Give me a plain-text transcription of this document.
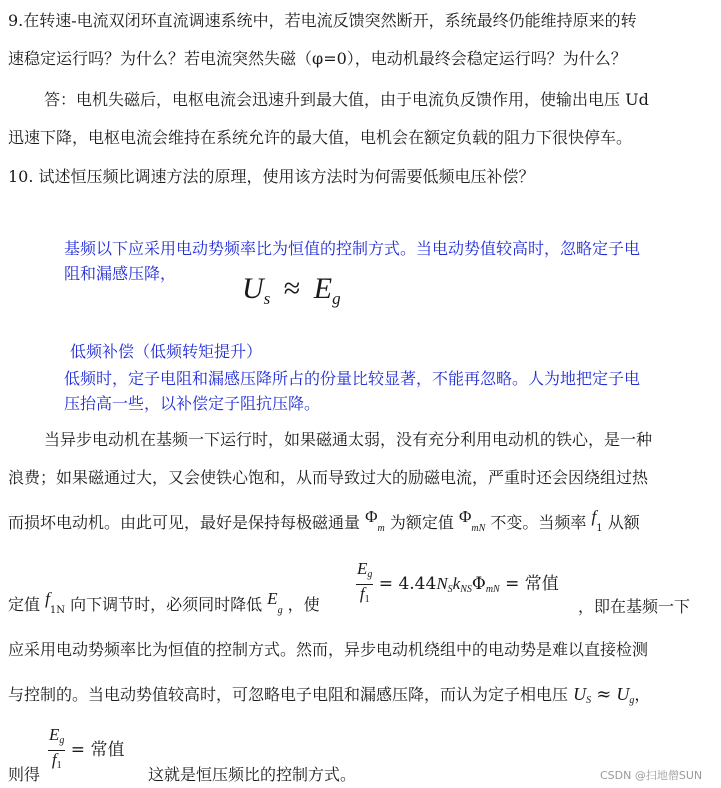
9.在转速-电流双闭环直流调速系统中，若电流反馈突然断开，系统最终仍能维持原来的转
速稳定运行吗？为什么？若电流突然失磁（φ=0），电动机最终会稳定运行吗？为什么？
答：电机失磁后，电枢电流会迅速升到最大值，由于电流负反馈作用，使输出电压 Ud
迅速下降，电枢电流会维持在系统允许的最大值，电机会在额定负载的阻力下很快停车。
10. 试述恒压频比调速方法的原理，使用该方法时为何需要低频电压补偿？
基频以下应采用电动势频率比为恒值的控制方式。当电动势值较高时，忽略定子电
阻和漏感压降， $U_s \approx E_g$
低频补偿（低频转矩提升）
低频时，定子电阻和漏感压降所占的份量比较显著，不能再忽略。人为地把定子电
压抬高一些，以补偿定子阻抗压降。
当异步电动机在基频一下运行时，如果磁通太弱，没有充分利用电动机的铁心，是一种
浪费；如果磁通过大，又会使铁心饱和，从而导致过大的励磁电流，严重时还会因绕组过热
而损坏电动机。由此可见，最好是保持每极磁通量 $\Phi_m$ 为额定值 $\Phi_{mN}$ 不变。当频率 $f_1$ 从额
定值 $f_{1N}$ 向下调节时，必须同时降低 $E_g$ ，使 $\frac{E_g}{f_1} = 4.44N_Sk_{NS}\Phi_{mN}$ = 常值
，即在基频一下
应采用电动势频率比为恒值的控制方式。然而，异步电动机绕组中的电动势是难以直接检测
与控制的。当电动势值较高时，可忽略电子电阻和漏感压降，而认为定子相电压 $U_S \approx U_g$，
$\frac{E_g}{f_1}$ = 常值
则得	这就是恒压频比的控制方式。	CSDN @扫地僧SUN
